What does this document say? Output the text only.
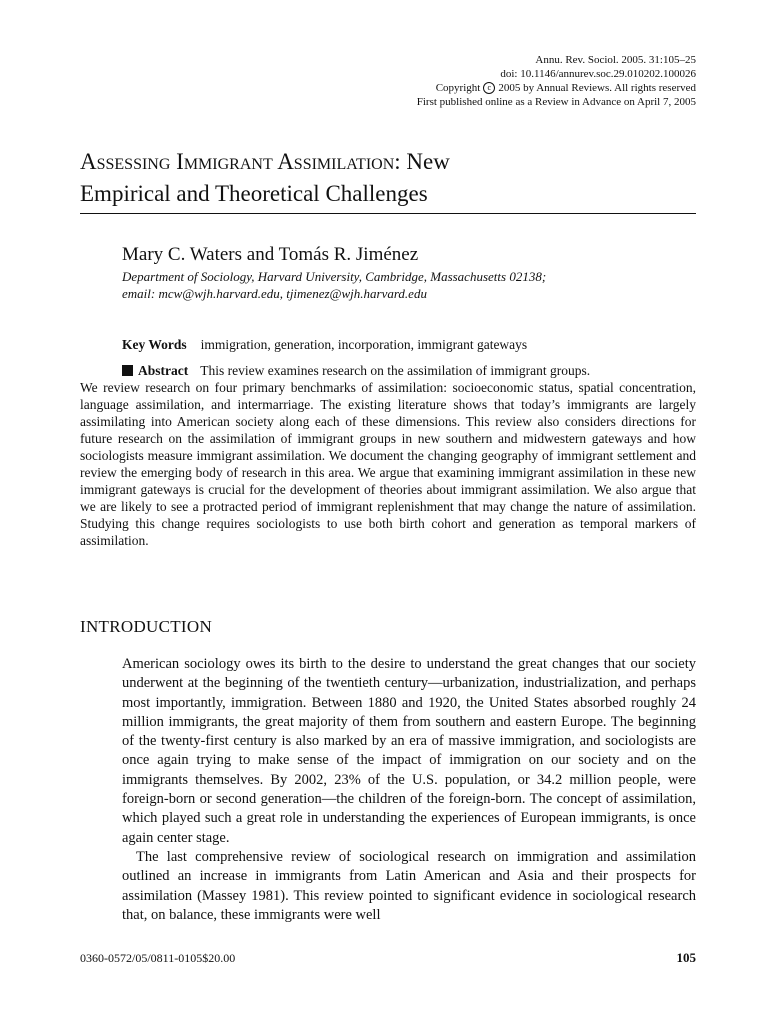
Annu. Rev. Sociol. 2005. 31:105–25
doi: 10.1146/annurev.soc.29.010202.100026
Copyright c 2005 by Annual Reviews. All rights reserved
First published online as a Review in Advance on April 7, 2005
Assessing Immigrant Assimilation: New
Empirical and Theoretical Challenges
Mary C. Waters and Tomás R. Jiménez
Department of Sociology, Harvard University, Cambridge, Massachusetts 02138;
email: mcw@wjh.harvard.edu, tjimenez@wjh.harvard.edu
Key Words immigration, generation, incorporation, immigrant gateways
Abstract This review examines research on the assimilation of immigrant groups.
We review research on four primary benchmarks of assimilation: socioeconomic status, spatial concentration, language assimilation, and intermarriage. The existing literature shows that today’s immigrants are largely assimilating into American society along each of these dimensions. This review also considers directions for future research on the assimilation of immigrant groups in new southern and midwestern gateways and how sociologists measure immigrant assimilation. We document the changing geography of immigrant settlement and review the emerging body of research in this area. We argue that examining immigrant assimilation in these new immigrant gateways is crucial for the development of theories about immigrant assimilation. We also argue that we are likely to see a protracted period of immigrant replenishment that may change the nature of assimilation. Studying this change requires sociologists to use both birth cohort and generation as temporal markers of assimilation.
INTRODUCTION

American sociology owes its birth to the desire to understand the great changes that our society underwent at the beginning of the twentieth century—urbanization, industrialization, and perhaps most importantly, immigration. Between 1880 and 1920, the United States absorbed roughly 24 million immigrants, the great majority of them from southern and eastern Europe. The beginning of the twenty-first century is also marked by an era of massive immigration, and sociologists are once again trying to make sense of the impact of immigration on our society and on the immigrants themselves. By 2002, 23% of the U.S. population, or 34.2 million people, were foreign-born or second generation—the children of the foreign-born. The concept of assimilation, which played such a great role in understanding the experiences of European immigrants, is once again center stage.

The last comprehensive review of sociological research on immigration and assimilation outlined an increase in immigrants from Latin American and Asia and their prospects for assimilation (Massey 1981). This review pointed to significant evidence in sociological research that, on balance, these immigrants were well

0360-0572/05/0811-0105$20.00	105
